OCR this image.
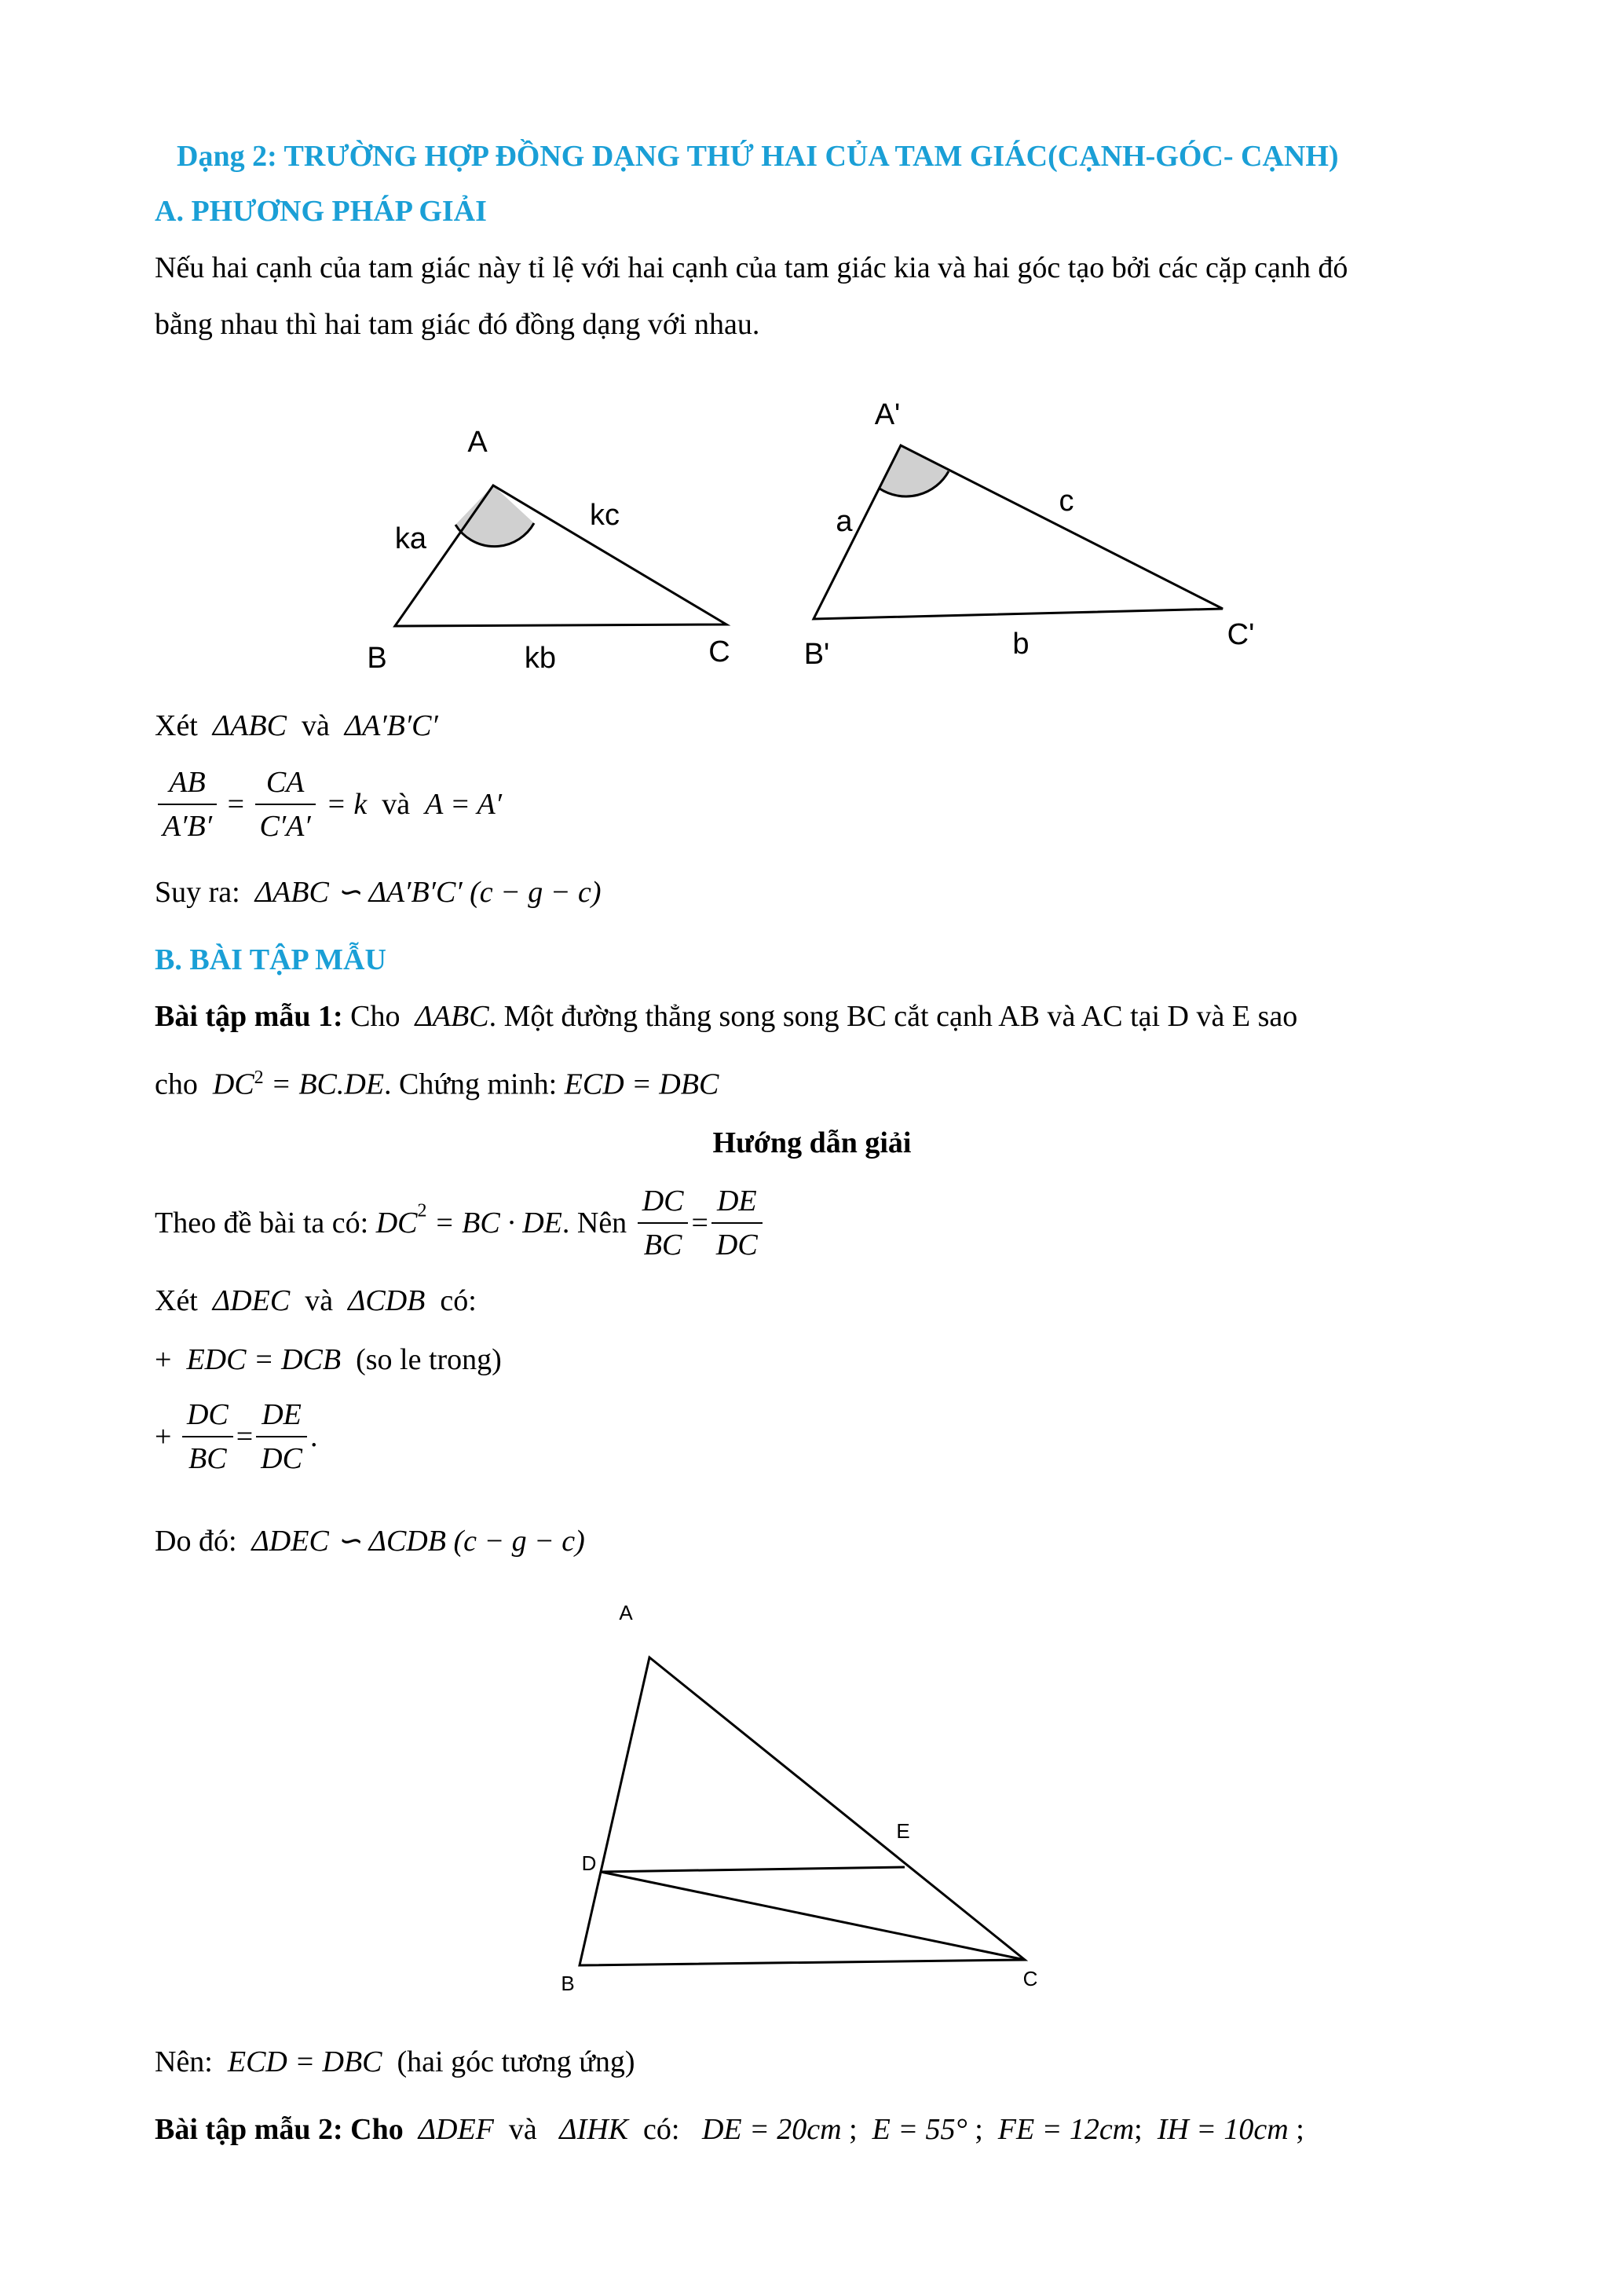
Dạng 2: TRƯỜNG HỢP ĐỒNG DẠNG THỨ HAI CỦA TAM GIÁC(CẠNH-GÓC- CẠNH)
A. PHƯƠNG PHÁP GIẢI
Nếu hai cạnh của tam giác này tỉ lệ với hai cạnh của tam giác kia và hai góc tạo bởi các cặp cạnh đó
bằng nhau thì hai tam giác đó đồng dạng với nhau.
A
B	C
ka
kc
kb
A'
B'
C'
a
c
b
Xét ΔABC và ΔA′B′C′
$\frac{AB}{A'B'} = \frac{CA}{C'A'} = k$ và A = A′
Suy ra: ΔABC ∽ ΔA′B′C′ (c − g − c)
B. BÀI TẬP MẪU
Bài tập mẫu 1: Cho  ΔABC. Một đường thẳng song song BC cắt cạnh AB và AC tại D và E sao
cho  $DC^2 = BC.DE$. Chứng minh: ECD = DBC
Hướng dẫn giải
Theo đề bài ta có: $DC^2$ = BC · DE. Nên $\frac{DC}{BC} = \frac{DE}{DC}$
Xét ΔDEC và ΔCDB có:
+ EDC = DCB (so le trong)
+ $\frac{DC}{BC} = \frac{DE}{DC}$ .
Do đó: ΔDEC ∽ ΔCDB (c − g − c)
A
B	C
D
E
Nên: ECD = DBC (hai góc tương ứng)
Bài tập mẫu 2: Cho ΔDEF và ΔIHK có: DE = 20cm ; E = 55° ; FE = 12cm; IH = 10cm ;
